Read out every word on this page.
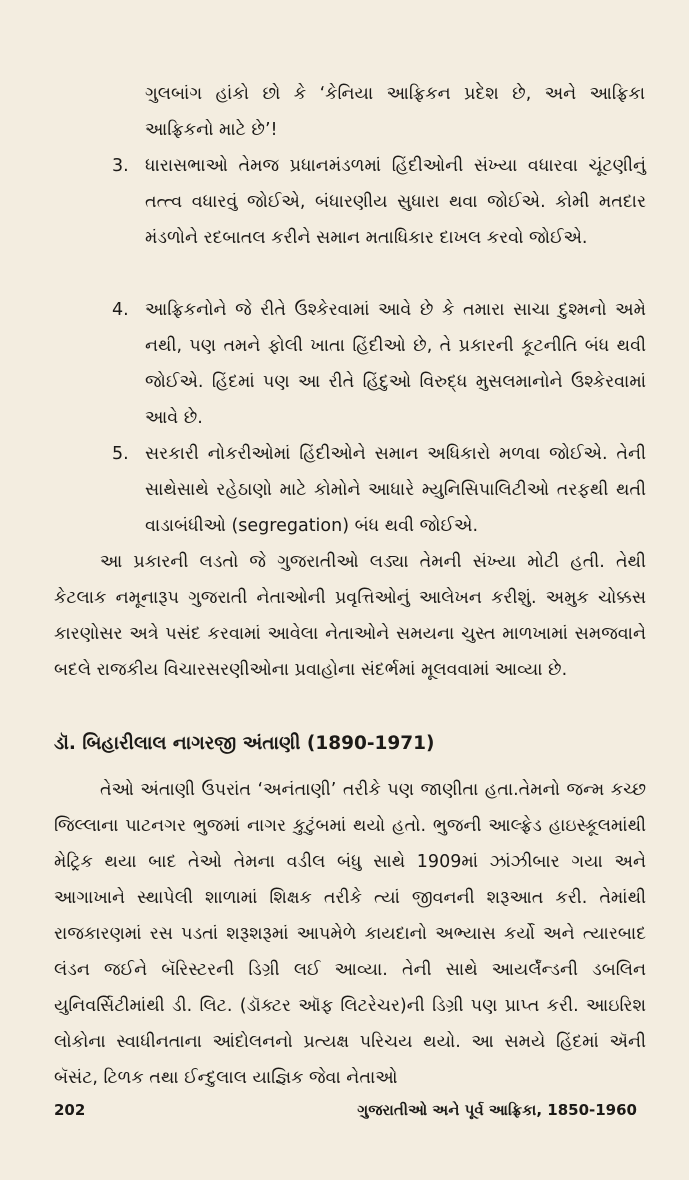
ગુલબાંગ હાંકો છો કે ‘કેનિયા આફ્રિકન પ્રદેશ છે, અને આફ્રિકા આફ્રિકનો માટે છે’!

3. ધારાસભાઓ તેમજ પ્રધાનમંડળમાં હિંદીઓની સંખ્યા વધારવા ચૂંટણીનું તત્ત્વ વધારવું જોઈએ, બંધારણીય સુધારા થવા જોઈએ. કોમી મતદાર મંડળોને રદબાતલ કરીને સમાન મતાધિકાર દાખલ કરવો જોઈએ.
4. આફ્રિકનોને જે રીતે ઉશ્કેરવામાં આવે છે કે તમારા સાચા દુશ્મનો અમે નથી, પણ તમને ફોલી ખાતા હિંદીઓ છે, તે પ્રકારની કૂટનીતિ બંધ થવી જોઈએ. હિંદમાં પણ આ રીતે હિંદુઓ વિરુદ્ધ મુસલમાનોને ઉશ્કેરવામાં આવે છે.
5. સરકારી નોકરીઓમાં હિંદીઓને સમાન અધિકારો મળવા જોઈએ. તેની સાથેસાથે રહેઠાણો માટે કોમોને આધારે મ્યુનિસિપાલિટીઓ તરફથી થતી વાડાબંધીઓ (segregation) બંધ થવી જોઈએ.

આ પ્રકારની લડતો જે ગુજરાતીઓ લડ્યા તેમની સંખ્યા મોટી હતી. તેથી કેટલાક નમૂનારૂપ ગુજરાતી નેતાઓની પ્રવૃત્તિઓનું આલેખન કરીશું. અમુક ચોક્કસ કારણોસર અત્રે પસંદ કરવામાં આવેલા નેતાઓને સમયના ચુસ્ત માળખામાં સમજવાને બદલે રાજકીય વિચારસરણીઓના પ્રવાહોના સંદર્ભમાં મૂલવવામાં આવ્યા છે.

ડૉ. બિહારીલાલ નાગરજી અંતાણી (1890-1971)

તેઓ અંતાણી ઉપરાંત ‘અનંતાણી’ તરીકે પણ જાણીતા હતા.તેમનો જન્મ કચ્છ જિલ્લાના પાટનગર ભુજમાં નાગર કુટુંબમાં થયો હતો. ભુજની આલ્ફ્રેડ હાઇસ્કૂલમાંથી મેટ્રિક થયા બાદ તેઓ તેમના વડીલ બંધુ સાથે 1909માં ઝાંઝીબાર ગયા અને આગાખાને સ્થાપેલી શાળામાં શિક્ષક તરીકે ત્યાં જીવનની શરૂઆત કરી. તેમાંથી રાજકારણમાં રસ પડતાં શરૂશરૂમાં આપમેળે કાયદાનો અભ્યાસ કર્યો અને ત્યારબાદ લંડન જઈને બૅરિસ્ટરની ડિગ્રી લઈ આવ્યા. તેની સાથે આયર્લૅન્ડની ડબલિન યુનિવર્સિટીમાંથી ડી. લિટ. (ડૉક્ટર ઑફ લિટરેચર)ની ડિગ્રી પણ પ્રાપ્ત કરી. આઇરિશ લોકોના સ્વાધીનતાના આંદોલનનો પ્રત્યક્ષ પરિચય થયો. આ સમયે હિંદમાં ઍની બૅસંટ, ટિળક તથા ઈન્દુલાલ યાજ્ઞિક જેવા નેતાઓ

202	ગુજરાતીઓ અને પૂર્વ આફ્રિકા, 1850-1960
